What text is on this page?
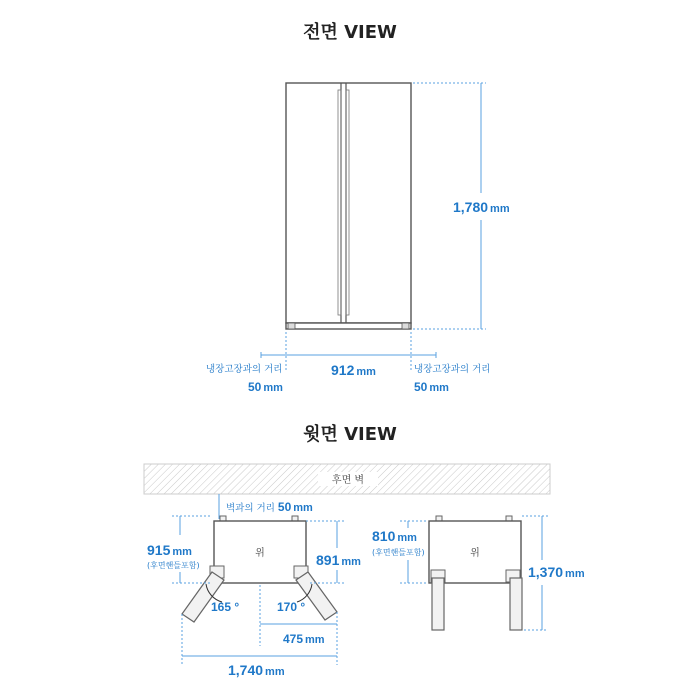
전면 VIEW
1,780 mm
912 mm
냉장고장과의 거리
50 mm
냉장고장과의 거리
50 mm
윗면 VIEW
후면 벽
벽과의 거리 50 mm
위
165 °	170 °
915 mm
(후면핸들포함)	891 mm
475 mm
1,740 mm
위
810 mm
(후면핸들포함)
1,370 mm
